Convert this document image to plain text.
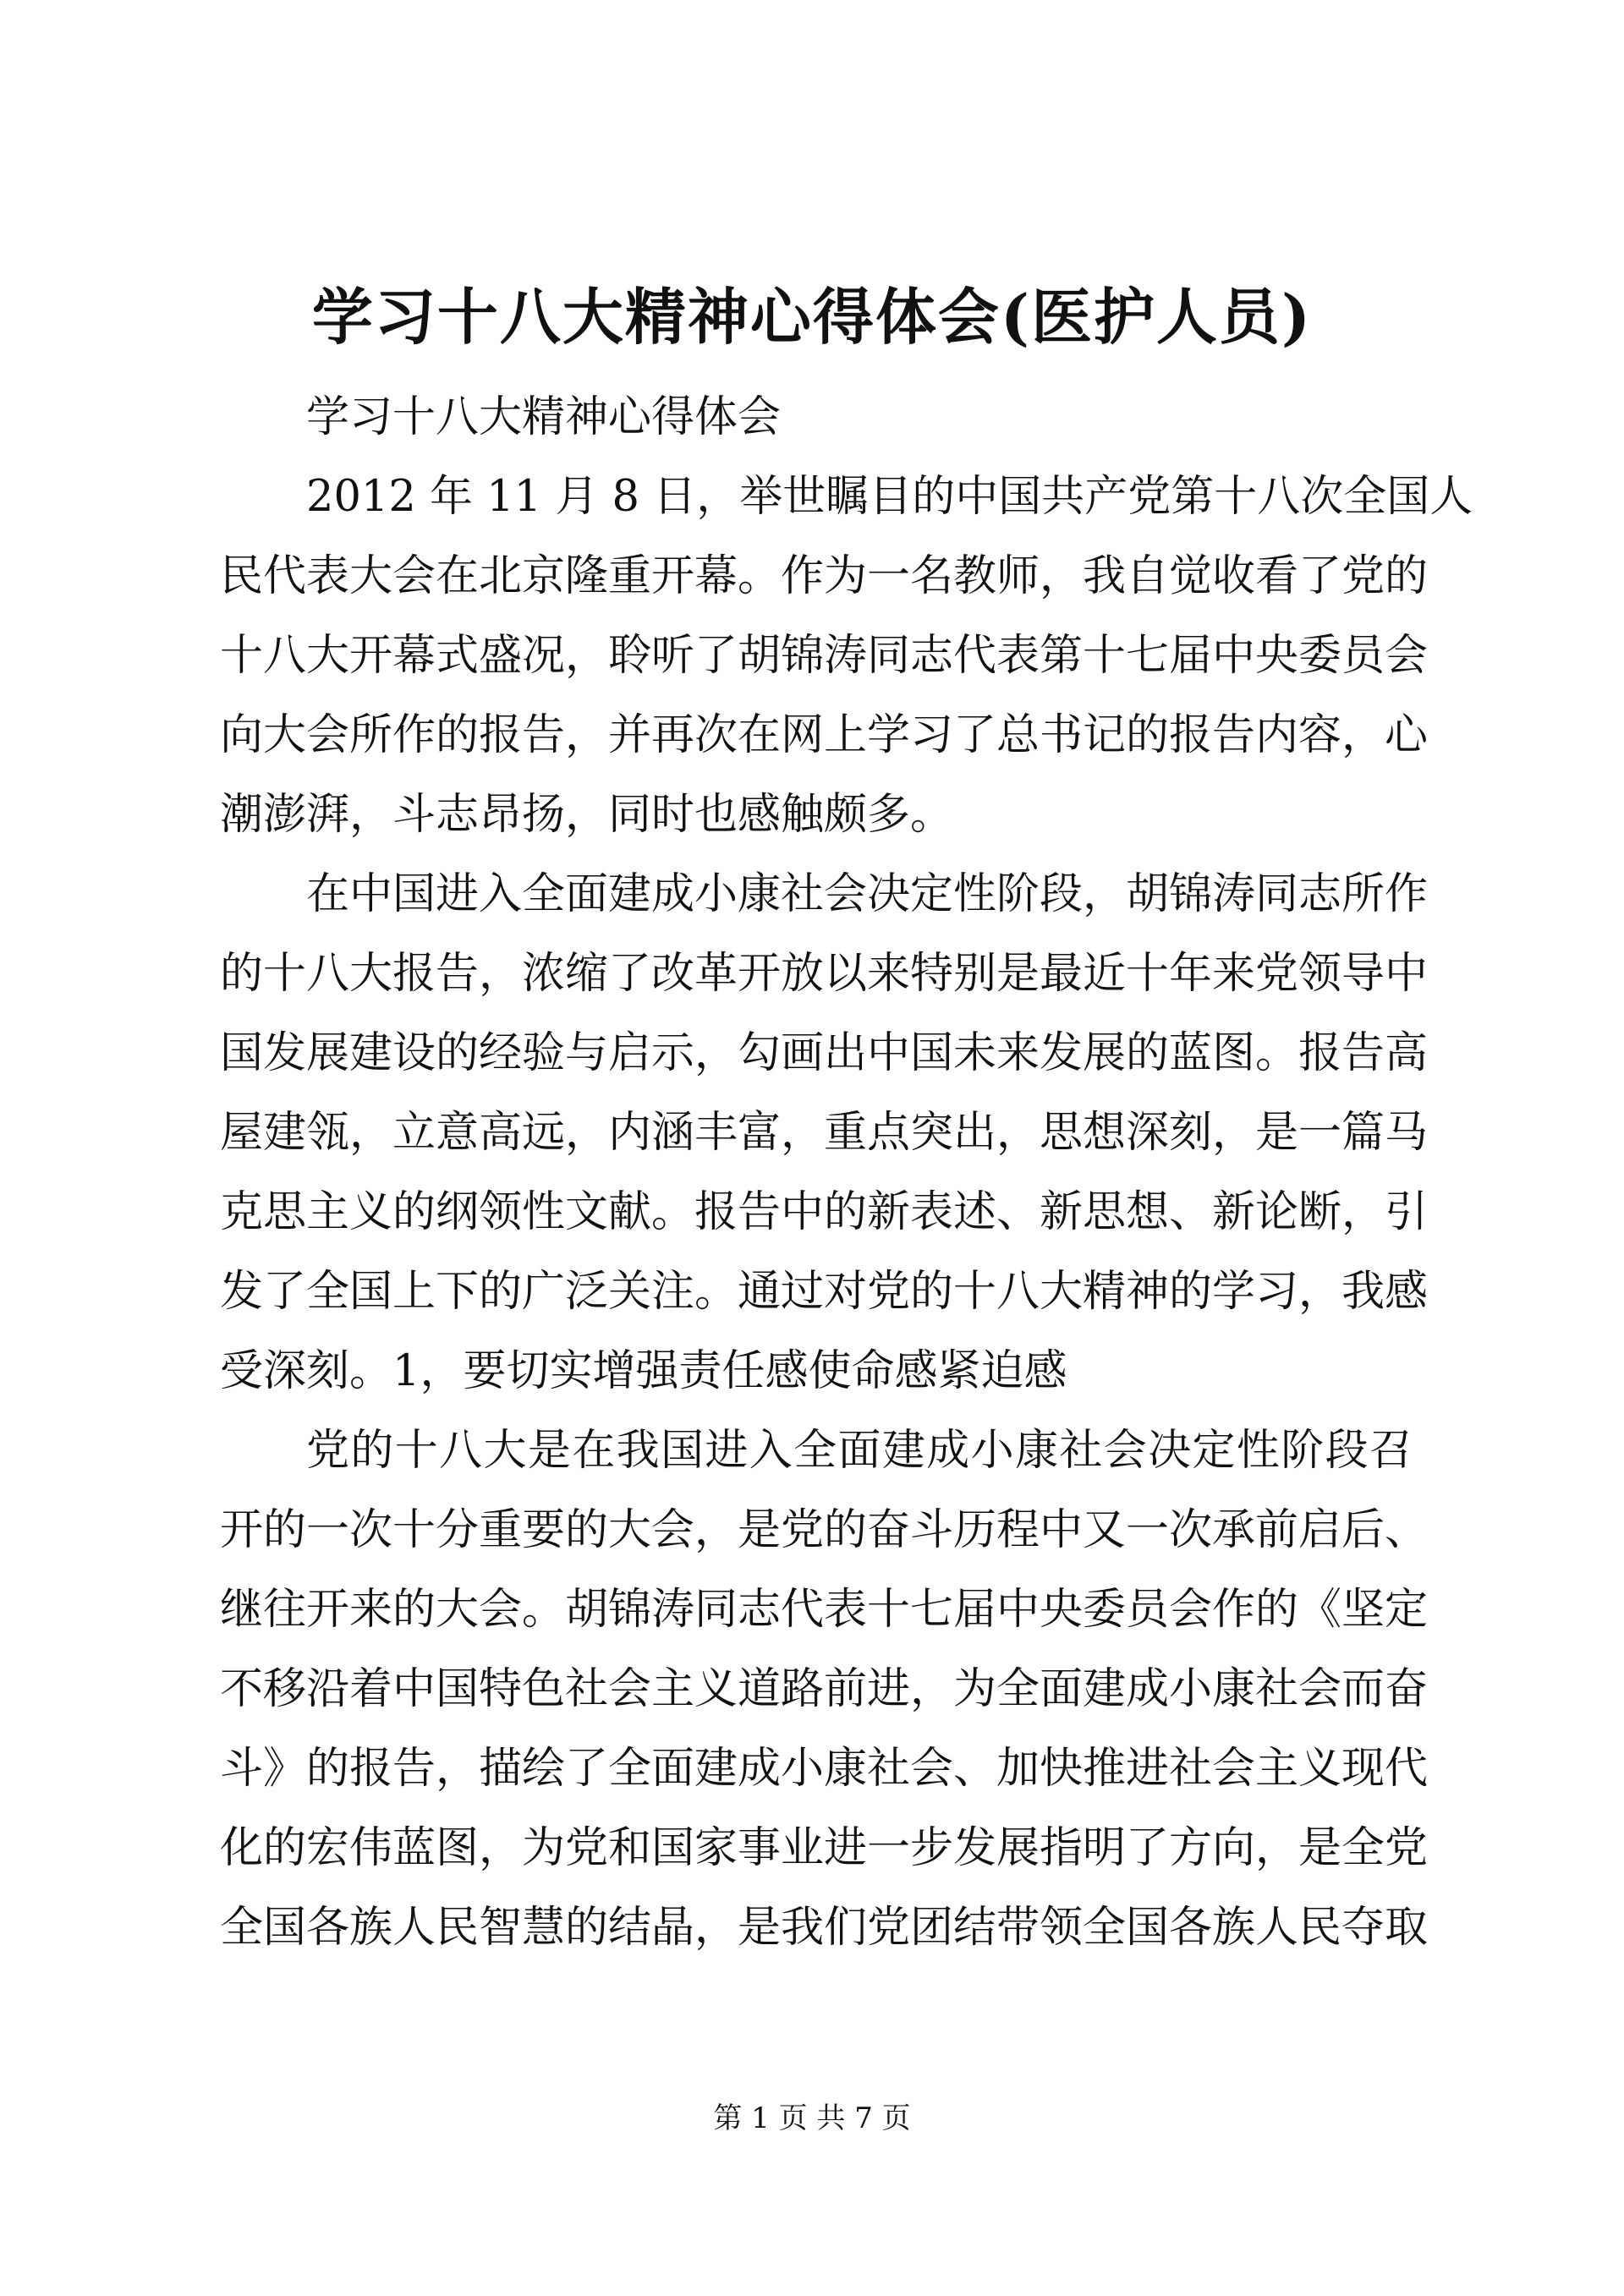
学习十八大精神心得体会(医护人员)

学习十八大精神心得体会

2012 年 11 月 8 日，举世瞩目的中国共产党第十八次全国人
民代表大会在北京隆重开幕。作为一名教师，我自觉收看了党的
十八大开幕式盛况，聆听了胡锦涛同志代表第十七届中央委员会
向大会所作的报告，并再次在网上学习了总书记的报告内容，心
潮澎湃，斗志昂扬，同时也感触颇多。

在中国进入全面建成小康社会决定性阶段，胡锦涛同志所作
的十八大报告，浓缩了改革开放以来特别是最近十年来党领导中
国发展建设的经验与启示，勾画出中国未来发展的蓝图。报告高
屋建瓴，立意高远，内涵丰富，重点突出，思想深刻，是一篇马
克思主义的纲领性文献。报告中的新表述、新思想、新论断，引
发了全国上下的广泛关注。通过对党的十八大精神的学习，我感
受深刻。1，要切实增强责任感使命感紧迫感

党的十八大是在我国进入全面建成小康社会决定性阶段召
开的一次十分重要的大会，是党的奋斗历程中又一次承前启后、
继往开来的大会。胡锦涛同志代表十七届中央委员会作的《坚定
不移沿着中国特色社会主义道路前进，为全面建成小康社会而奋
斗》的报告，描绘了全面建成小康社会、加快推进社会主义现代
化的宏伟蓝图，为党和国家事业进一步发展指明了方向，是全党
全国各族人民智慧的结晶，是我们党团结带领全国各族人民夺取

第 1 页 共 7 页
